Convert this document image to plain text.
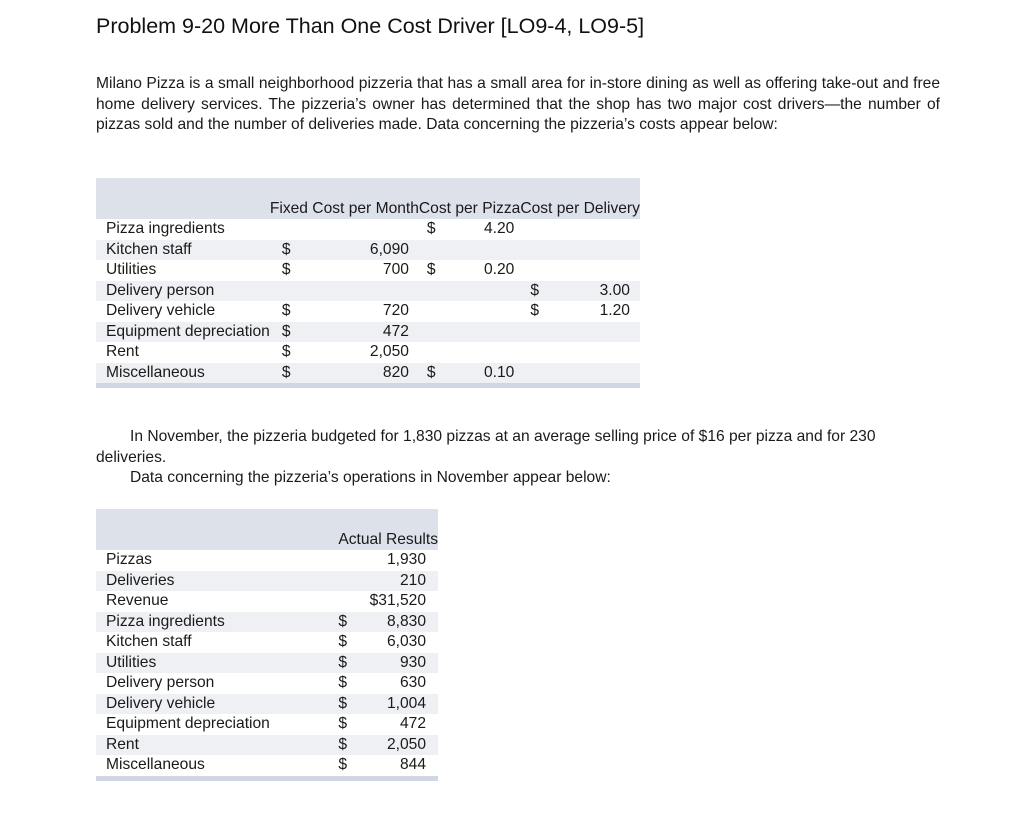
Problem 9-20 More Than One Cost Driver [LO9-4, LO9-5]

Milano Pizza is a small neighborhood pizzeria that has a small area for in-store dining as well as offering take-out and free home delivery services. The pizzeria’s owner has determined that the shop has two major cost drivers—the number of pizzas sold and the number of deliveries made. Data concerning the pizzeria’s costs appear below:

	Fixed Cost per Month	Cost per Pizza	Cost per Delivery
Pizza ingredients		$ 4.20	

Kitchen staff	$ 6,090		

Utilities	$ 700	$ 0.20	

Delivery person			$ 3.00

Delivery vehicle	$ 720		$ 1.20

Equipment depreciation	$ 472		

Rent	$ 2,050		

Miscellaneous	$ 820	$ 0.10	

In November, the pizzeria budgeted for 1,830 pizzas at an average selling price of $16 per pizza and for 230 deliveries.
Data concerning the pizzeria’s operations in November appear below:
	Actual Results
Pizzas	1,930
Deliveries	210
Revenue	$31,520
Pizza ingredients	$ 8,830

Kitchen staff	$ 6,030

Utilities	$ 930

Delivery person	$ 630

Delivery vehicle	$ 1,004

Equipment depreciation	$ 472

Rent	$ 2,050

Miscellaneous	$ 844
